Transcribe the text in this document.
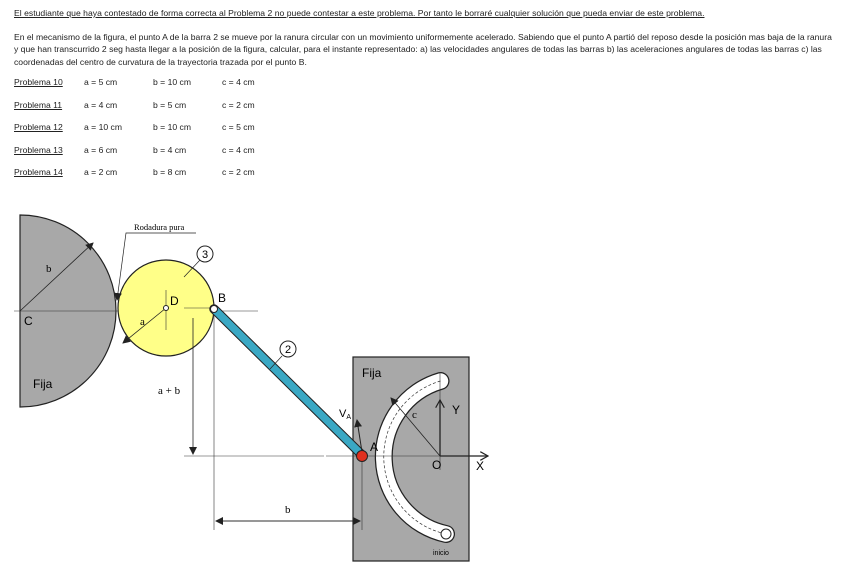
El estudiante que haya contestado de forma correcta al Problema 2 no puede contestar a este problema. Por tanto le borraré cualquier solución que pueda enviar de este problema.
En el mecanismo de la figura, el punto A de la barra 2 se mueve por la ranura circular con un movimiento uniformemente acelerado. Sabiendo que el punto A partió del reposo desde la posición mas baja de la ranura y que han transcurrido 2 seg hasta llegar a la posición de la figura, calcular, para el instante representado: a) las velocidades angulares de todas las barras b) las aceleraciones angulares de todas las barras c) las coordenadas del centro de curvatura de la trayectoria trazada por el punto B.
Problema 10 a = 5 cm	b = 10 cm	c = 4 cm
Problema 11	a = 4 cm	b = 5 cm	c = 2 cm
Problema 12 a = 10 cm	b = 10 cm	c = 5 cm
Problema 13 a = 6 cm	b = 4 cm	c = 4 cm
Problema 14 a = 2 cm	b = 8 cm	c = 2 cm
Rodadura pura
Fija
b
C
D
a
B
3
2
Fija
VA
A
c	Y
O	X
a + b
b
inicio
